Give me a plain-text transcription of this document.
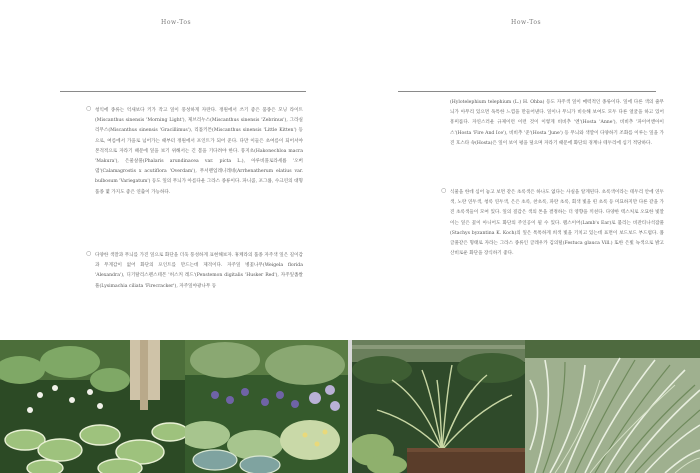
How-Tos
○ 청익에 종류는 억새보다 키가 작고 잎이 풍성하게 자란다. 정원에서 쓰기 좋은 품종은 모닝 라이트(Miscanthus sinensis 'Morning Light'), 제브리누스(Miscanthus sinensis 'Zebrinus'), 그라실리무스(Miscanthus sinensis 'Gracillimus'), 리틀키튼(Miscanthus sinensis 'Little Kitten') 등으로, 여름에서 가을로 넘어가는 때부터 정원에서 포인트가 되어 준다. 다만 이들은 초여름이 되어서야 본격적으로 자라기 때문에 잎을 보기 위해서는 긴 봄을 기다려야 한다. 풍지초(Hakonechloa macra 'Makura'), 은물살풀(Phalaris arundinacea var. picta L.), 아루비플로라세륨 '오버댐'(Calamagrostis x acutiflora 'Overdam'), 무서렌업레니레네(Arrhenatherum elatius var. bulbosum 'Variegatum') 등도 잎의 무늬가 아름다운 그라스 종류이다. 파니콤, 포그룹, 수크린의 대형 품종 몇 가지도 좋은 연출이 가능하다.
○ 다양한 색깔과 무늬를 가진 잎으로 화단을 더욱 풍성하게 표현해보자. 휴케라의 품종 자주색 잎은 길이감과 무게감이 없어 화단의 포인트를 만드는데 제격이다. 자주잎 병꽃나무(Weigela florida 'Alexandra'), 디기탈리스펜스테몬 '허스커 레드'(Penstemon digitalis 'Husker Red'), 자주잎좁쌀풀(Lysimachia ciliata 'Firecracker'), 자주잎야광나무 등
How-Tos
(Hylotelephium telephium (L.) H. Ohba) 등도 자주색 잎이 매력적인 종류이다. 잎에 다른 색의 줄무늬가 아무리 있으면 독특한 느낌을 만들어낸다. 잎이나 무늬가 비슷해 보여도 모두 다른 얼굴을 하고 있어 흥미롭다. 자연스러운 규제이런 이런 것이 이렇게 비비추 '엔'(Hosta 'Anne'), 비비추 '파이어앤아이스'(Hosta 'Fire And Ice'), 비비추 '준'(Hosta 'June') 등 무늬와 색깔이 다양하기 조화를 이루는 잎을 가진 호스타 속(Hosta)은 잎이 보이 평을 덮으며 자라기 때문에 화단의 경계나 테두리에 심기 적당하다.
○ 식물을 한데 심어 놓고 보면 같은 초록색은 하나도 없다는 사실을 알게된다. 초록색이라는 테두리 안에 연두색, 노란 연두색, 청록 연두색, 은은 초록, 찬초록, 파란 초록, 회색 빛을 띤 초록 등 미묘하지만 다른 같을 가진 초록색들이 모여 있다. 잎의 질감은 색의 톤을 결정하는 더 영향을 끼친다. 다양한 텍스처로 오묘한 빛깔 이는 잎은 꽃이 아니어도 화단의 주인공이 될 수 있다. 램스이어(Lamb's Ear)로 불리는 비잔티나석잠풀(Stachys byzantina K. Koch)의 잎은 톡톡하게 희색 빛을 기치고 있는데 표면이 보드보드 부드럽다. 퓸글풀같은 형태로 자라는 그라스 종류인 글레우카 김의털(Festuca glauca Vill.) 또한 은빛 녹색으로 밝고 산비로운 화단을 장식하기 좋다.
